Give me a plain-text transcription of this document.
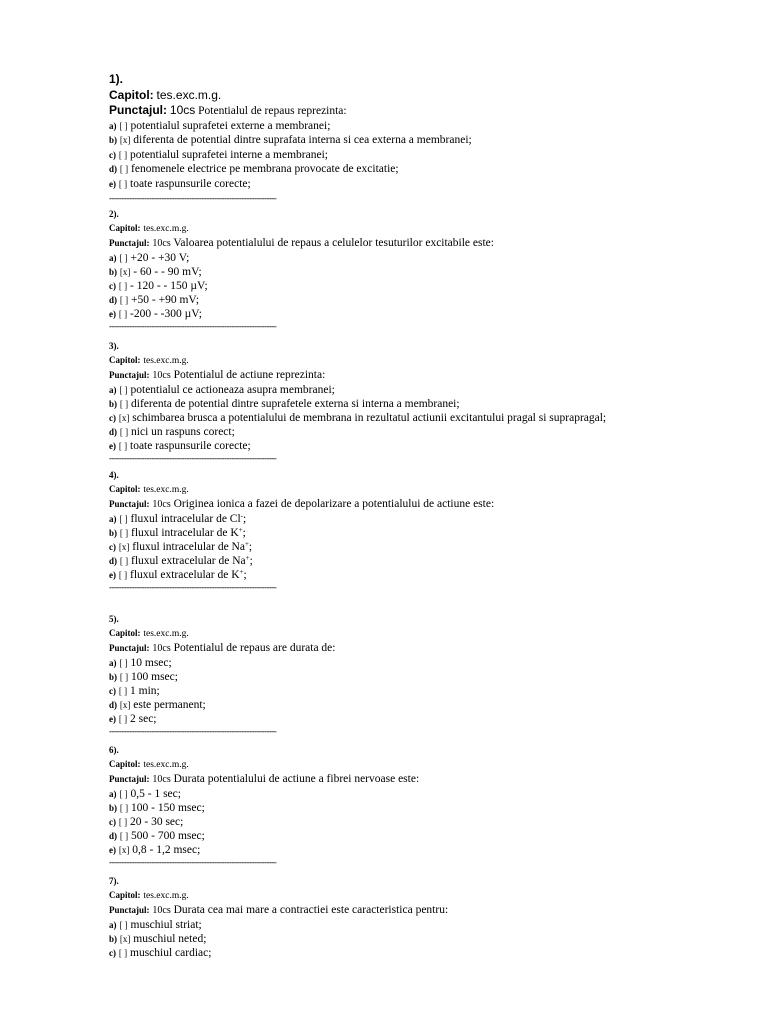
1).
Capitol: tes.exc.m.g.
Punctajul: 10cs Potentialul de repaus reprezinta:
a) [ ] potentialul suprafetei externe a membranei;
b) [x] diferenta de potential dintre suprafata interna si cea externa a membranei;
c) [ ] potentialul suprafetei interne a membranei;
d) [ ] fenomenele electrice pe membrana provocate de excitatie;
e) [ ] toate raspunsurile corecte;
-------------------------------------------------------------------
2).
Capitol: tes.exc.m.g.
Punctajul: 10cs Valoarea potentialului de repaus a celulelor tesuturilor excitabile este:
a) [ ] +20 - +30 V;
b) [x] - 60 - - 90 mV;
c) [ ] - 120 - - 150 µV;
d) [ ] +50 - +90 mV;
e) [ ] -200 - -300 µV;
-------------------------------------------------------------------
3).
Capitol: tes.exc.m.g.
Punctajul: 10cs Potentialul de actiune reprezinta:
a) [ ] potentialul ce actioneaza asupra membranei;
b) [ ] diferenta de potential dintre suprafetele externa si interna a membranei;
c) [x] schimbarea brusca a potentialului de membrana in rezultatul actiunii excitantului pragal si suprapragal;
d) [ ] nici un raspuns corect;
e) [ ] toate raspunsurile corecte;
-------------------------------------------------------------------
4).
Capitol: tes.exc.m.g.
Punctajul: 10cs Originea ionica a fazei de depolarizare a potentialului de actiune este:
a) [ ] fluxul intracelular de Cl-;
b) [ ] fluxul intracelular de K+;
c) [x] fluxul intracelular de Na+;
d) [ ] fluxul extracelular de Na+;
e) [ ] fluxul extracelular de K+;
-------------------------------------------------------------------
5).
Capitol: tes.exc.m.g.
Punctajul: 10cs Potentialul de repaus are durata de:
a) [ ] 10 msec;
b) [ ] 100 msec;
c) [ ] 1 min;
d) [x] este permanent;
e) [ ] 2 sec;
-------------------------------------------------------------------
6).
Capitol: tes.exc.m.g.
Punctajul: 10cs Durata potentialului de actiune a fibrei nervoase este:
a) [ ] 0,5 - 1 sec;
b) [ ] 100 - 150 msec;
c) [ ] 20 - 30 sec;
d) [ ] 500 - 700 msec;
e) [x] 0,8 - 1,2 msec;
-------------------------------------------------------------------
7).
Capitol: tes.exc.m.g.
Punctajul: 10cs Durata cea mai mare a contractiei este caracteristica pentru:
a) [ ] muschiul striat;
b) [x] muschiul neted;
c) [ ] muschiul cardiac;
